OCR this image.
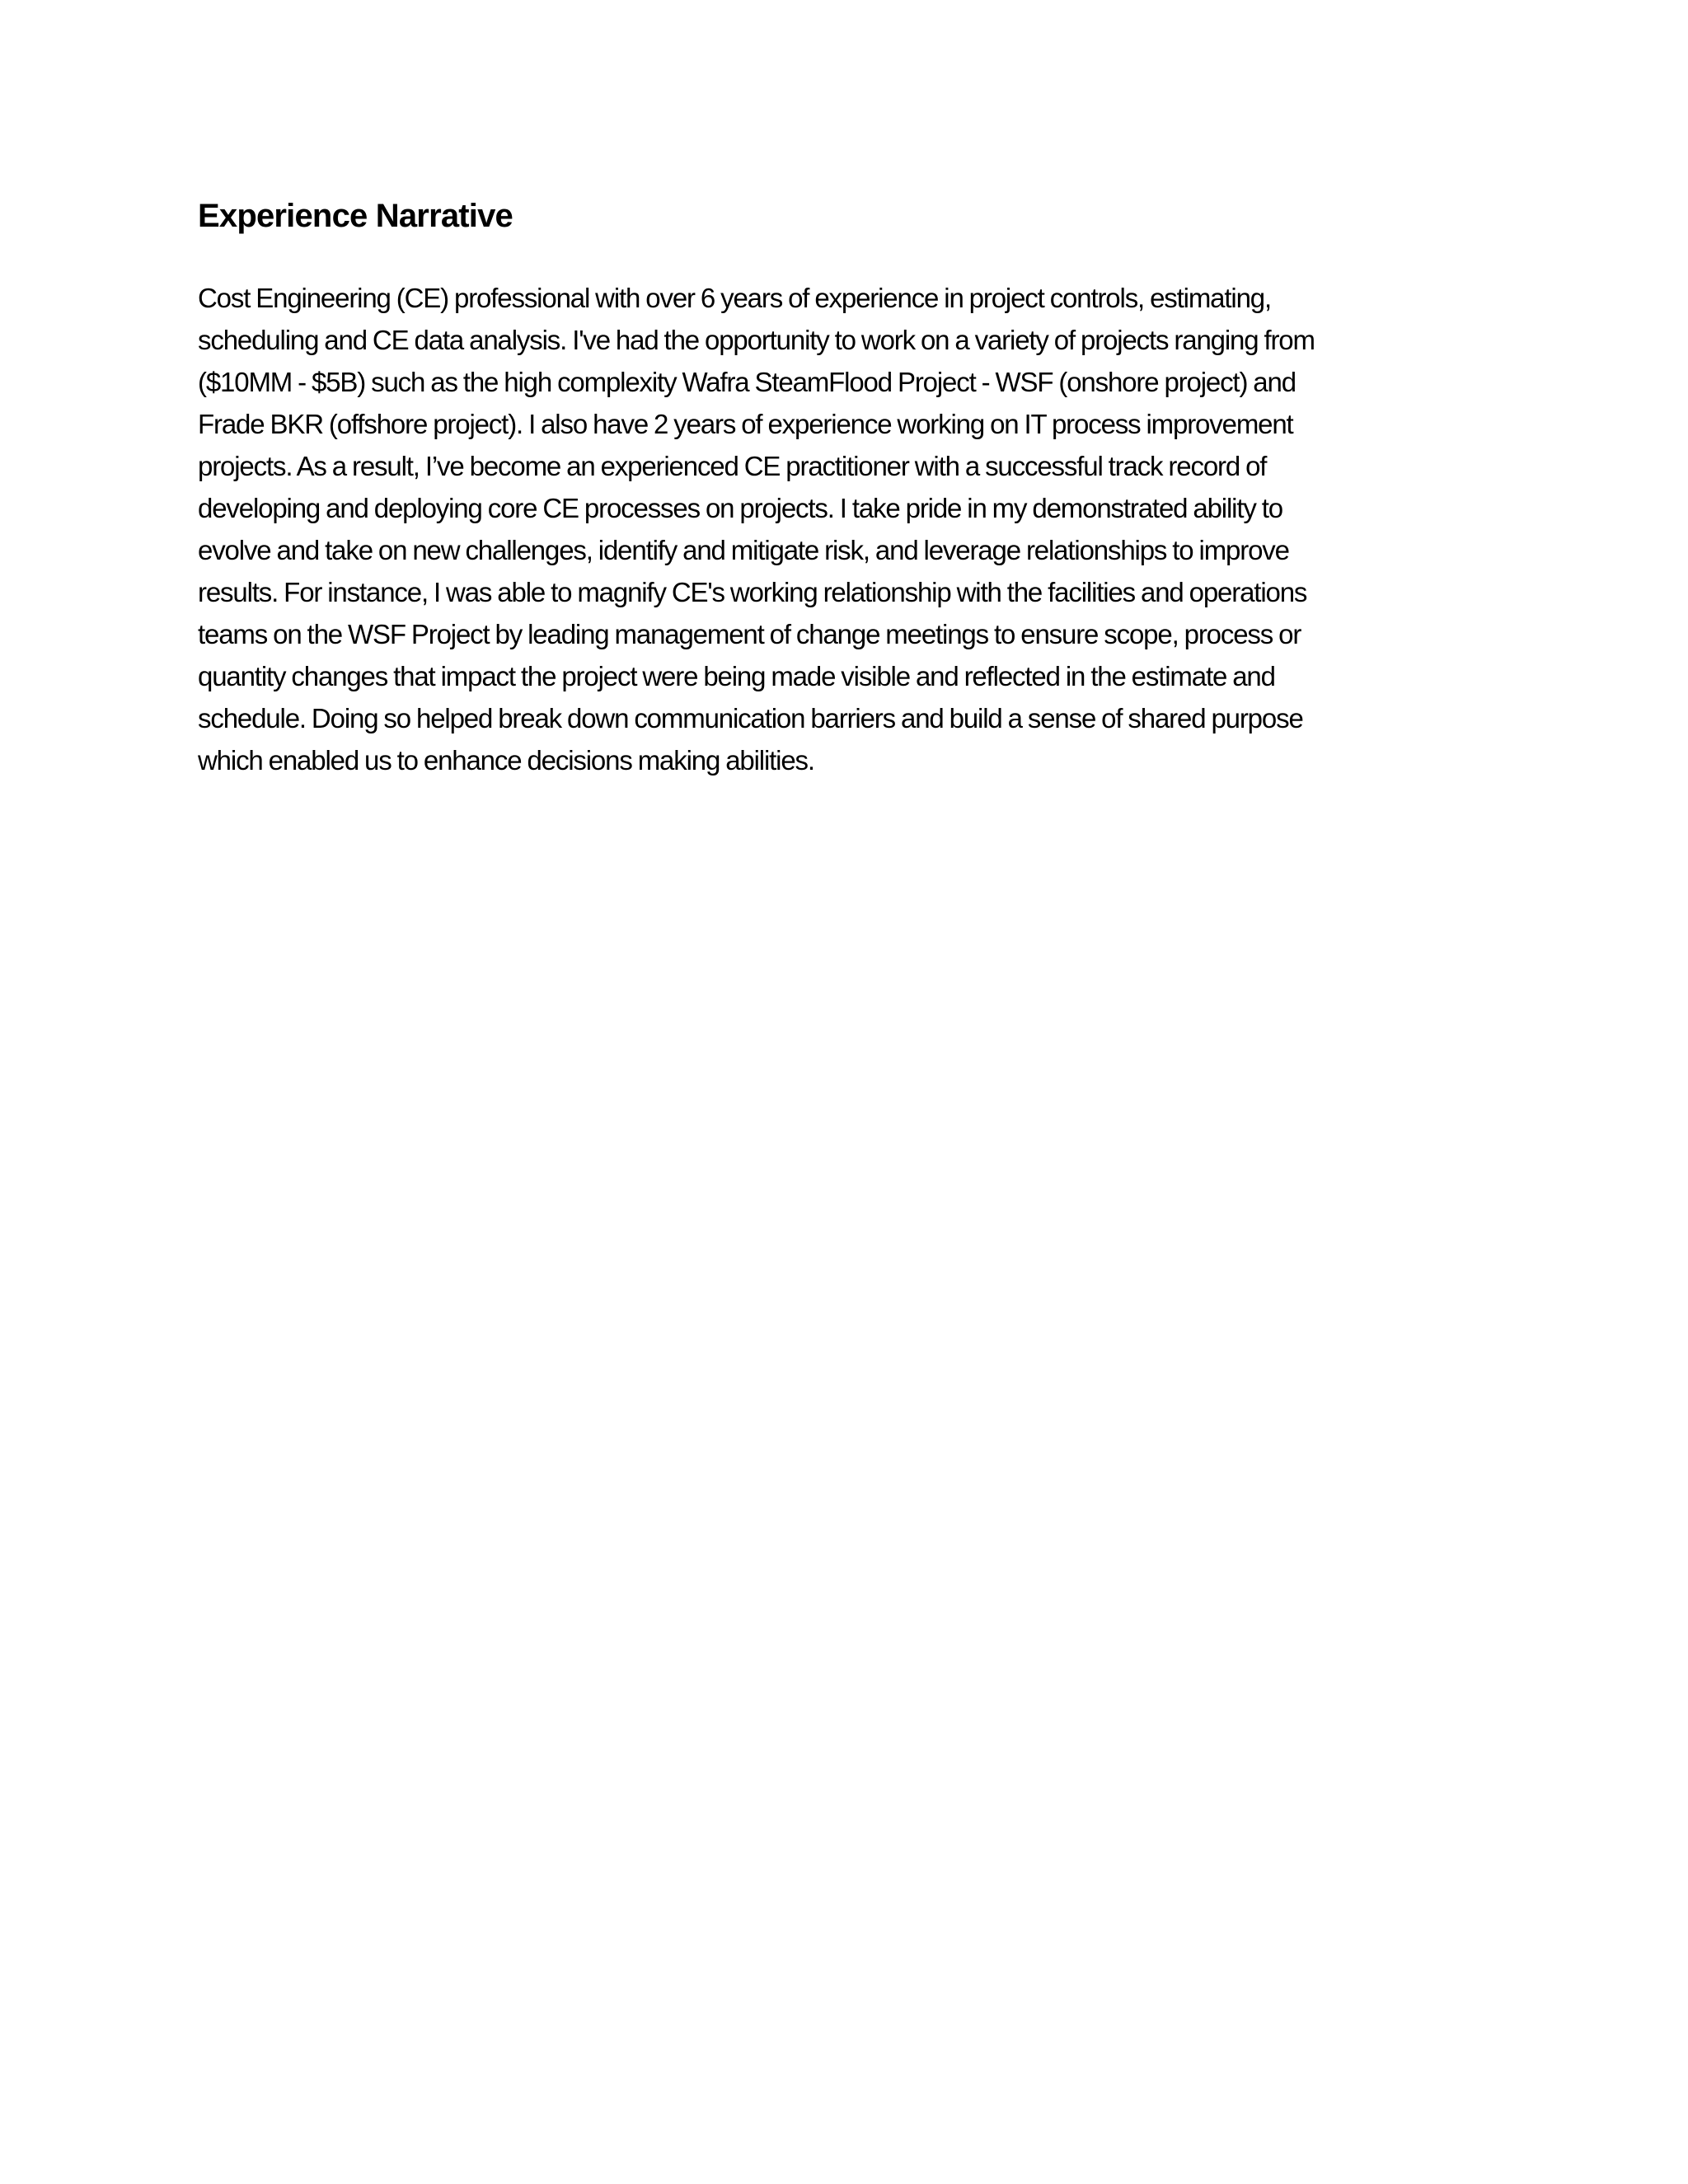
Experience Narrative

Cost Engineering (CE) professional with over 6 years of experience in project controls, estimating,
scheduling and CE data analysis. I've had the opportunity to work on a variety of projects ranging from
($10MM - $5B) such as the high complexity Wafra SteamFlood Project - WSF (onshore project) and
Frade BKR (offshore project). I also have 2 years of experience working on IT process improvement
projects. As a result, I’ve become an experienced CE practitioner with a successful track record of
developing and deploying core CE processes on projects. I take pride in my demonstrated ability to
evolve and take on new challenges, identify and mitigate risk, and leverage relationships to improve
results. For instance, I was able to magnify CE's working relationship with the facilities and operations
teams on the WSF Project by leading management of change meetings to ensure scope, process or
quantity changes that impact the project were being made visible and reflected in the estimate and
schedule. Doing so helped break down communication barriers and build a sense of shared purpose
which enabled us to enhance decisions making abilities.
